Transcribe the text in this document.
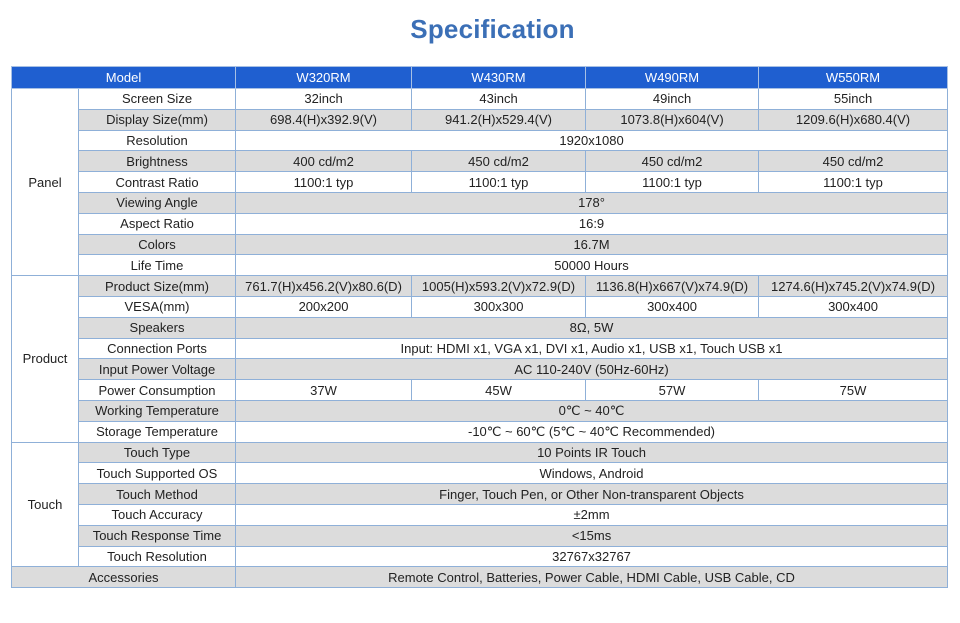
Specification
Model		W320RM	W430RM	W490RM	W550RM
Panel	Screen Size	32inch	43inch	49inch	55inch
	Display Size(mm)	698.4(H)x392.9(V)	941.2(H)x529.4(V)	1073.8(H)x604(V)	1209.6(H)x680.4(V)
	Resolution	1920x1080			
	Brightness	400 cd/m2	450 cd/m2	450 cd/m2	450 cd/m2
	Contrast Ratio	1100:1 typ	1100:1 typ	1100:1 typ	1100:1 typ
	Viewing Angle	178°			
	Aspect Ratio	16:9			
	Colors	16.7M			
	Life Time	50000 Hours			
Product	Product Size(mm)	761.7(H)x456.2(V)x80.6(D)	1005(H)x593.2(V)x72.9(D)	1136.8(H)x667(V)x74.9(D)	1274.6(H)x745.2(V)x74.9(D)
	VESA(mm)	200x200	300x300	300x400	300x400
	Speakers	8Ω, 5W			
	Connection Ports	Input: HDMI x1, VGA x1, DVI x1, Audio x1, USB x1, Touch USB x1			
	Input Power Voltage	AC 110-240V (50Hz-60Hz)			
	Power Consumption	37W	45W	57W	75W
	Working Temperature	0℃ ~ 40℃			
	Storage Temperature	-10℃ ~ 60℃ (5℃ ~ 40℃ Recommended)			
Touch	Touch Type	10 Points IR Touch			
	Touch Supported OS	Windows, Android			
	Touch Method	Finger, Touch Pen, or Other Non-transparent Objects			
	Touch Accuracy	±2mm			
	Touch Response Time	<15ms			
	Touch Resolution	32767x32767			
Accessories		Remote Control, Batteries, Power Cable, HDMI Cable, USB Cable, CD			
